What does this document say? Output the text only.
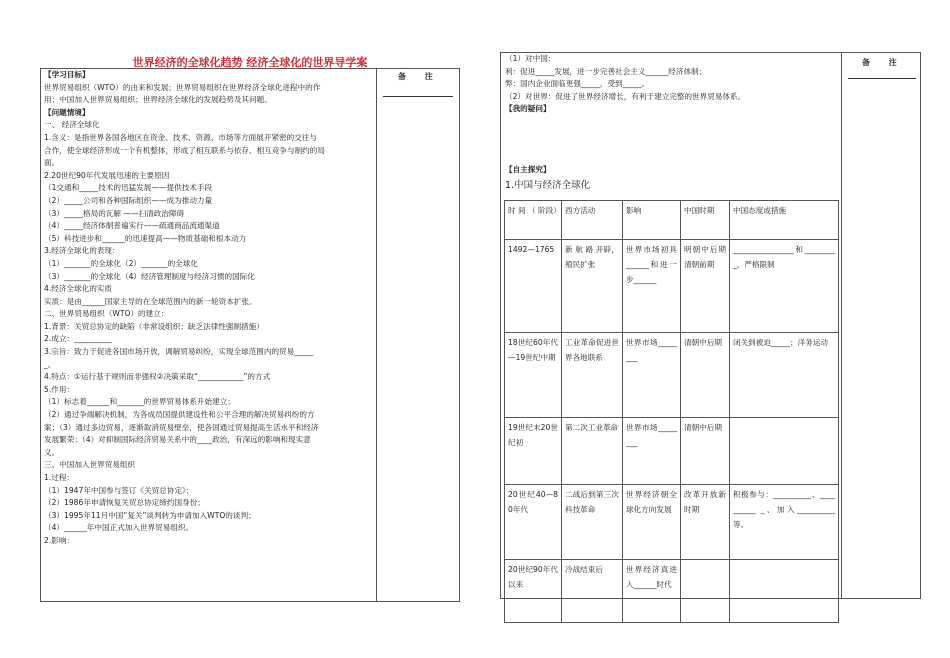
世界经济的全球化趋势 经济全球化的世界导学案
备 注
【学习目标】
世界贸易组织（WTO）的由来和发展；世界贸易组织在世界经济全球化进程中的作
用；中国加入世界贸易组织；世界经济全球化的发展趋势及其问题。
【问题情境】
一、 经济全球化
1.含义：是指世界各国各地区在资金、技术、资源、市场等方面展开紧密的交往与
合作，使全球经济形成一个有机整体，形成了相互联系与依存、相互竞争与制约的局
面。
2.20世纪90年代发展迅速的主要原因
（1交通和_____技术的迅猛发展——提供技术手段
（2）_____公司和各种国际组织——成为推动力量
（3）_____格局的瓦解 ——扫清政治障碍
（4）_____经济体制普遍实行——疏通商品流通渠道
（5）科技进步和______的迅速提高——物质基础和根本动力
3.经济全球化的表现：
（1）_______的全球化（2）_______的全球化
（3）_______的全球化（4）经济管理制度与经济习惯的国际化
4.经济全球化的实质
实质：是由______国家主导的在全球范围内的新一轮资本扩张。
二、世界贸易组织（WTO）的建立：
1.背景：关贸总协定的缺陷（非常设组织；缺乏法律性强制措施）
2.成立：__________
3.宗旨：致力于促进各国市场开放，调解贸易纠纷，实现全球范围内的贸易_____
_。
4.特点：①运行基于规则而非强权②决策采取“____________”的方式
5.作用：
（1）标志着______和_______的世界贸易体系开始建立；
（2）通过争端解决机制，为各成员国提供建设性和公平合理的解决贸易纠纷的方
案；（3）通过多边贸易，逐渐取消贸易壁垒，使各国通过贸易提高生活水平和经济
发展繁荣；（4）对抑制国际经济贸易关系中的____政治，有深远的影响和现实意
义。
三、中国加入世界贸易组织
1.过程：
（1）1947年中国参与签订《关贸总协定》；
（2）1986年申请恢复关贸总协定缔约国身份；
（3）1995年11月中国“复关”谈判转为申请加入WTO的谈判；
（4）______年中国正式加入世界贸易组织。
2.影响：
备 注
（1）对中国：
利：促进_____发展，进一步完善社会主义______经济体制；
弊：国内企业面临更强_____，受到_____。
（2）对世界：促进了世界经济增长，有利于建立完整的世界贸易体系。
【我的疑问】
【自主探究】
1.中国与经济全球化
时 间 （ 阶段）	西方活动	影响	中国时期	中国态度或措施
1492—1765	新 航 路 开辟，殖民扩张	世界市场初具 ______和进一步______	明朝中后期清朝前期	________________和_________，严格限制
18世纪60年代—19世纪中期	工业革命促进世界各地联系	世界市场________	清朝中后期	闭关到被迫_____；洋务运动
19世纪末20世纪初	第二次工业革命	世界市场________	清朝中后期	
20世纪40—80年代	二战后到第三次科技革命	世界经济朝全球化方向发展	改革开放新时期	积极参与：__________、__________ _、加入__________等。
20世纪90年代以来	冷战结束后	世界经济真进入______时代		
